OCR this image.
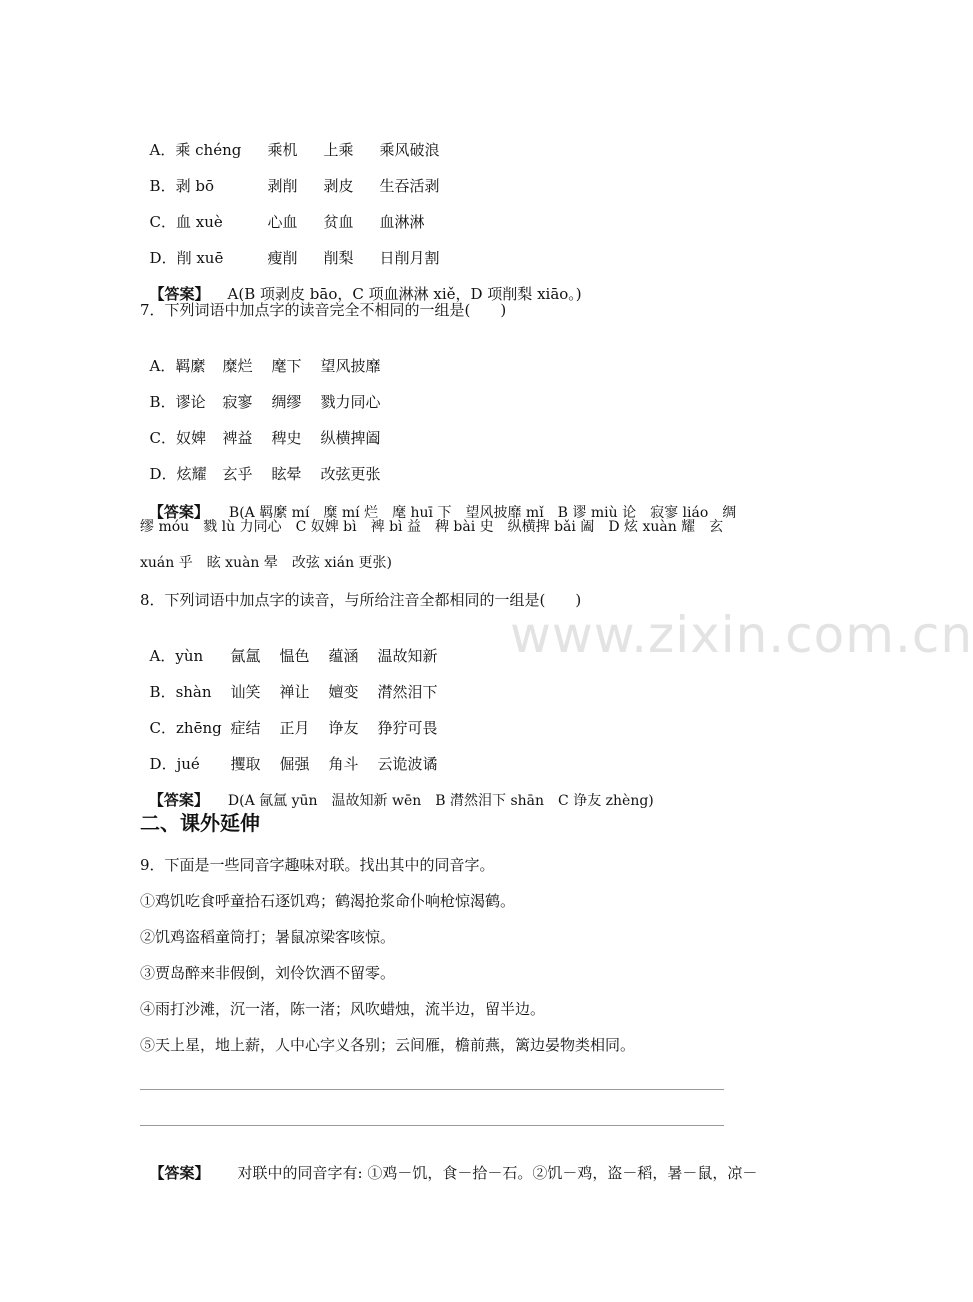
www.zixin.com.cn

A．乘 chéng 乘机 上乘 乘风破浪

B．剥 bō	剥削 剥皮 生吞活剥

C．血 xuè	心血 贫血 血淋淋

D．削 xuē	瘦削 削梨 日削月割

【答案】 A(B 项剥皮 bāo，C 项血淋淋 xiě，D 项削梨 xiāo。)

7．下列词语中加点字的读音完全不相同的一组是(　　)

A．羁縻 糜烂 麾下 望风披靡

B．谬论 寂寥 绸缪 戮力同心

C．奴婢 裨益 稗史 纵横捭阖

D．炫耀 玄乎 眩晕 改弦更张

【答案】 B(A 羁縻 mí　糜 mí 烂　麾 huī 下　望风披靡 mǐ　B 谬 miù 论　寂寥 liáo　绸

缪 móu　戮 lù 力同心　C 奴婢 bì　裨 bì 益　稗 bài 史　纵横捭 bǎi 阖　D 炫 xuàn 耀　玄
xuán 乎　眩 xuàn 晕　改弦 xián 更张)
8．下列词语中加点字的读音，与所给注音全都相同的一组是(　　)

A．yùn 氤氲 愠色 蕴涵 温故知新

B．shàn 讪笑 禅让 嬗变 潸然泪下

C．zhēng 症结 正月 诤友 狰狞可畏

D．jué 攫取 倔强 角斗 云诡波谲

【答案】 D(A 氤氲 yūn　温故知新 wēn　B 潸然泪下 shān　C 诤友 zhèng)

二、课外延伸
9．下面是一些同音字趣味对联。找出其中的同音字。
①鸡饥吃食呼童拾石逐饥鸡；鹤渴抢浆命仆响枪惊渴鹤。
②饥鸡盗稻童筒打；暑鼠凉梁客咳惊。
③贾岛醉来非假倒，刘伶饮酒不留零。
④雨打沙滩，沉一渚，陈一渚；风吹蜡烛，流半边，留半边。
⑤天上星，地上薪，人中心字义各别；云间雁，檐前燕，篱边晏物类相同。

【答案】 对联中的同音字有: ①鸡－饥，食－拾－石。②饥－鸡，盗－稻，暑－鼠，凉－
